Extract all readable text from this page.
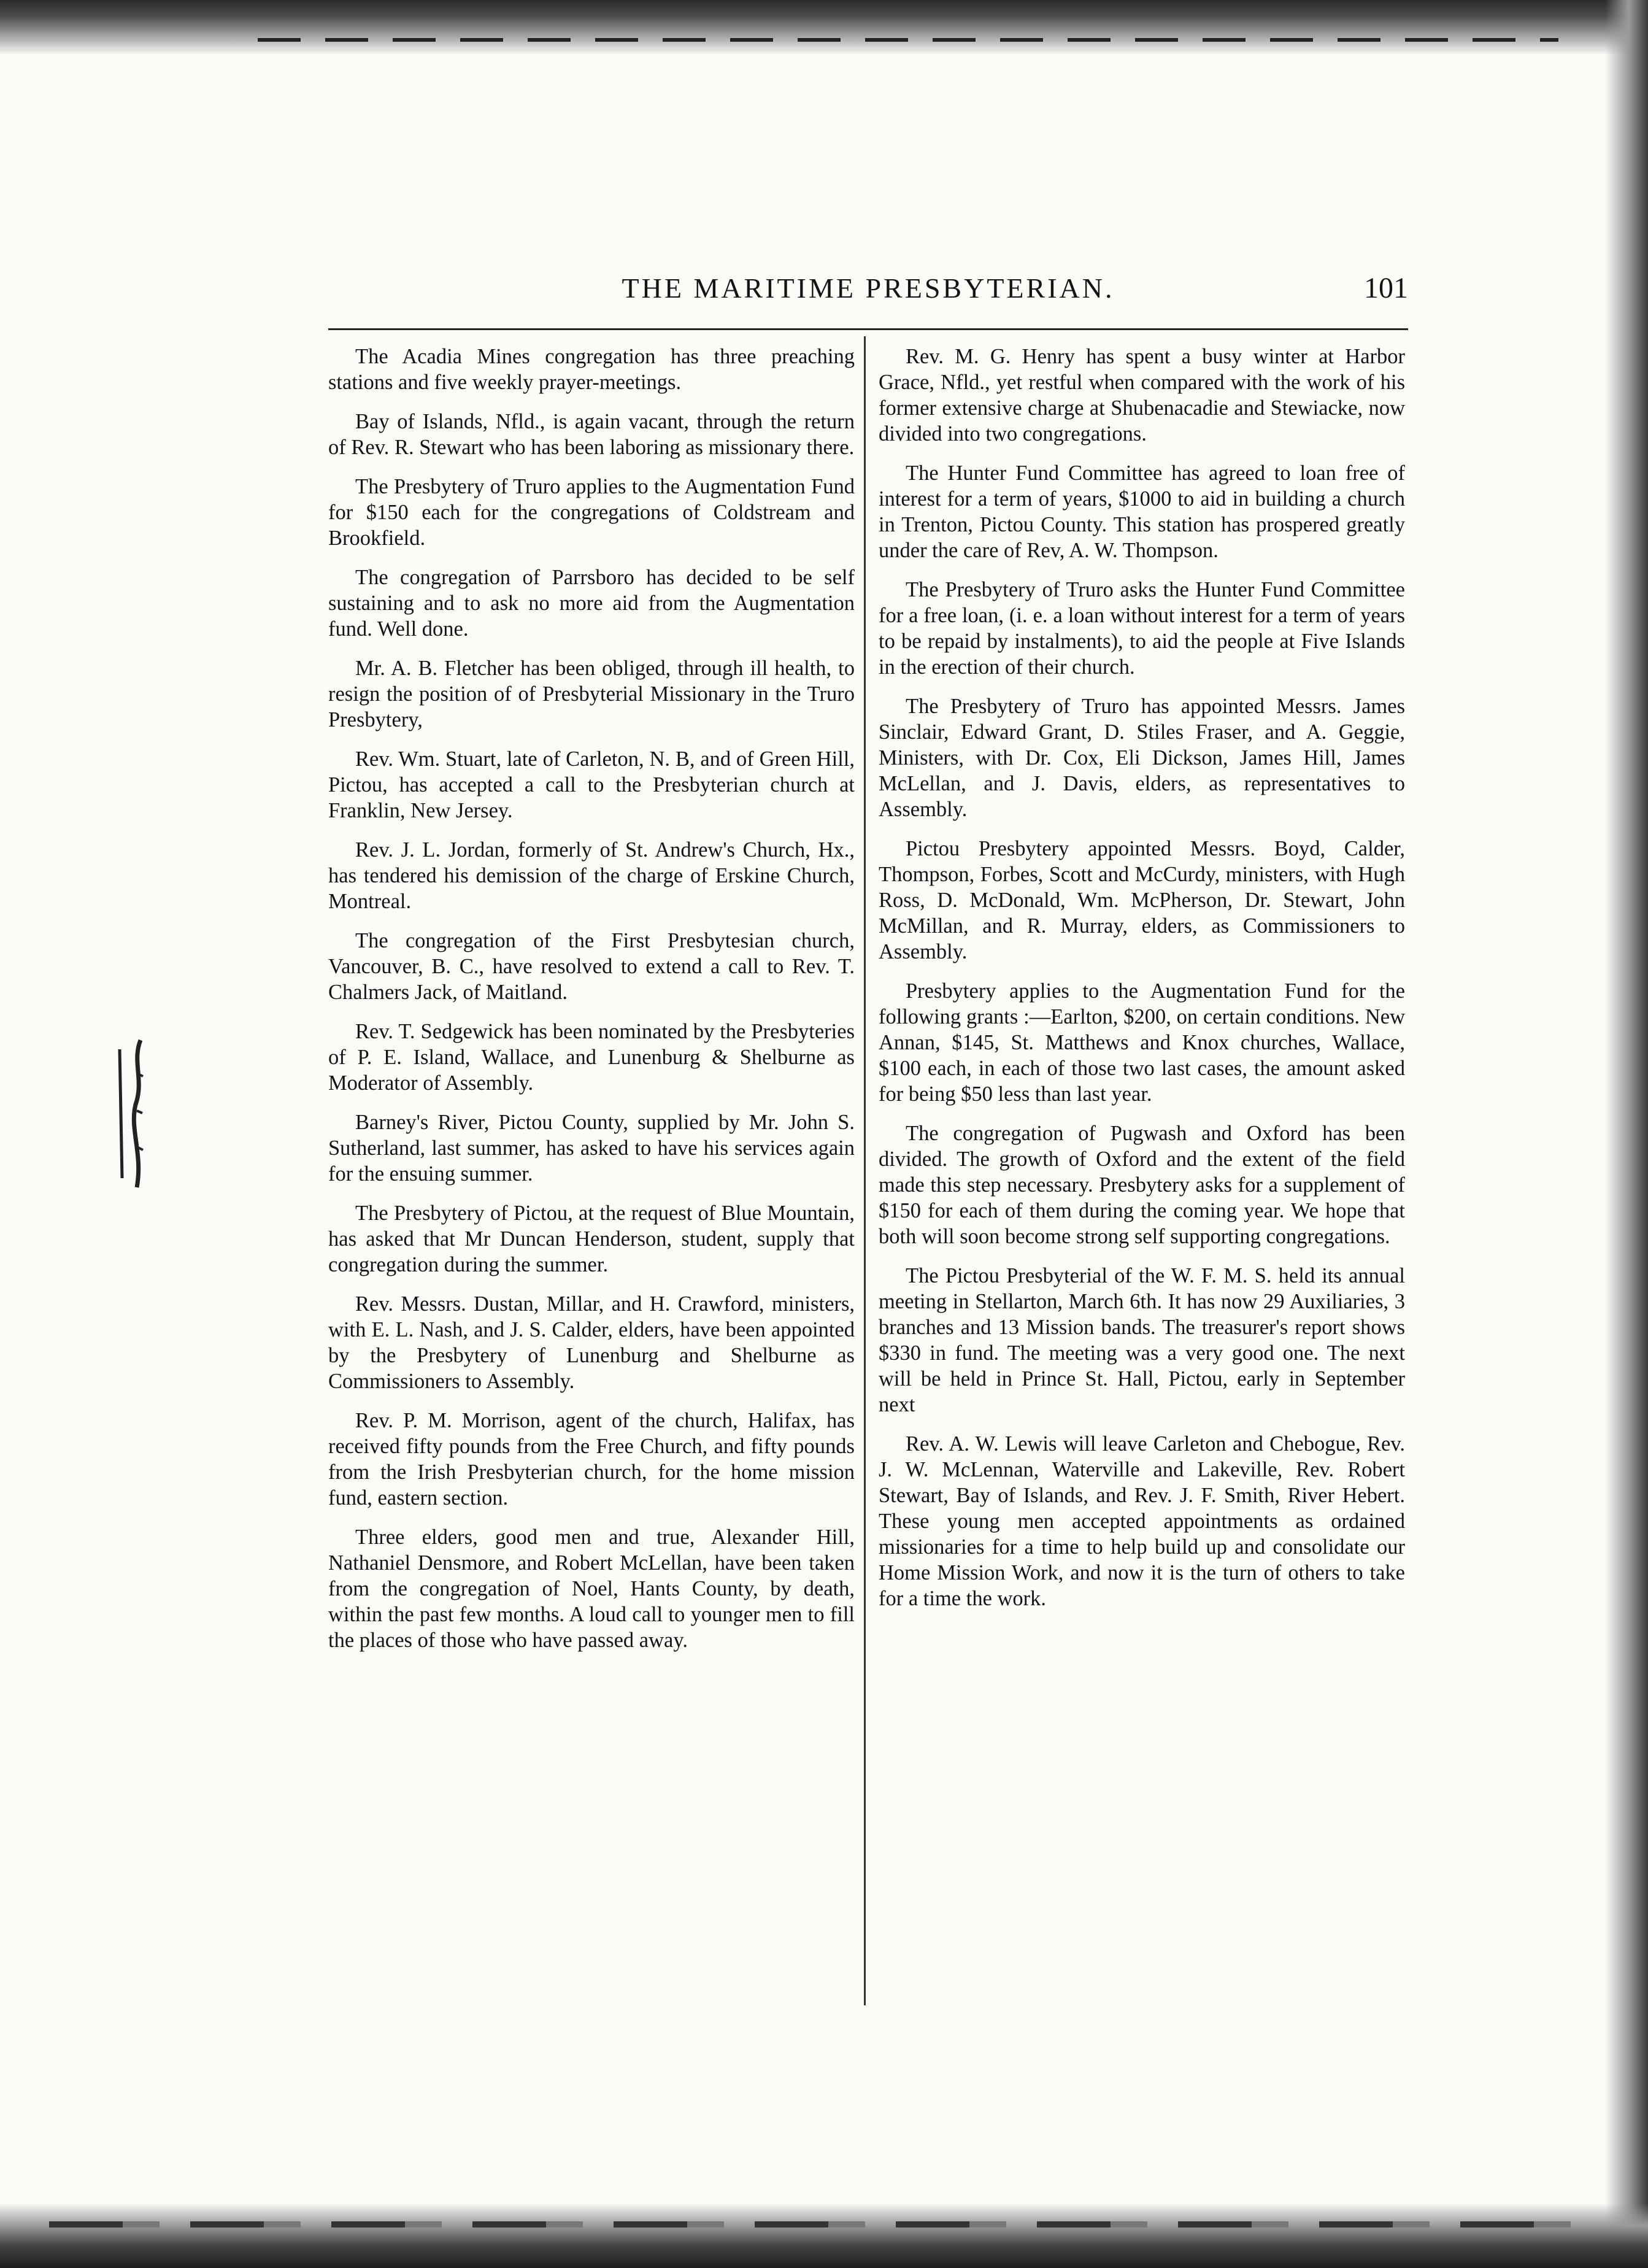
THE MARITIME PRESBYTERIAN.	101

The Acadia Mines congregation has three preaching stations and five weekly prayer-meetings.

Bay of Islands, Nfld., is again vacant, through the return of Rev. R. Stewart who has been laboring as missionary there.

The Presbytery of Truro applies to the Augmentation Fund for $150 each for the congregations of Coldstream and Brookfield.

The congregation of Parrsboro has decided to be self sustaining and to ask no more aid from the Augmentation fund. Well done.

Mr. A. B. Fletcher has been obliged, through ill health, to resign the position of of Presbyterial Missionary in the Truro Presbytery,

Rev. Wm. Stuart, late of Carleton, N. B, and of Green Hill, Pictou, has accepted a call to the Presbyterian church at Franklin, New Jersey.

Rev. J. L. Jordan, formerly of St. Andrew's Church, Hx., has tendered his demission of the charge of Erskine Church, Montreal.

The congregation of the First Presbytesian church, Vancouver, B. C., have resolved to extend a call to Rev. T. Chalmers Jack, of Maitland.

Rev. T. Sedgewick has been nominated by the Presbyteries of P. E. Island, Wallace, and Lunenburg & Shelburne as Moderator of Assembly.

Barney's River, Pictou County, supplied by Mr. John S. Sutherland, last summer, has asked to have his services again for the ensuing summer.

The Presbytery of Pictou, at the request of Blue Mountain, has asked that Mr Duncan Henderson, student, supply that congregation during the summer.

Rev. Messrs. Dustan, Millar, and H. Crawford, ministers, with E. L. Nash, and J. S. Calder, elders, have been appointed by the Presbytery of Lunenburg and Shelburne as Commissioners to Assembly.

Rev. P. M. Morrison, agent of the church, Halifax, has received fifty pounds from the Free Church, and fifty pounds from the Irish Presbyterian church, for the home mission fund, eastern section.

Three elders, good men and true, Alexander Hill, Nathaniel Densmore, and Robert McLellan, have been taken from the congregation of Noel, Hants County, by death, within the past few months. A loud call to younger men to fill the places of those who have passed away.

Rev. M. G. Henry has spent a busy winter at Harbor Grace, Nfld., yet restful when compared with the work of his former extensive charge at Shubenacadie and Stewiacke, now divided into two congregations.

The Hunter Fund Committee has agreed to loan free of interest for a term of years, $1000 to aid in building a church in Trenton, Pictou County. This station has prospered greatly under the care of Rev, A. W. Thompson.

The Presbytery of Truro asks the Hunter Fund Committee for a free loan, (i. e. a loan without interest for a term of years to be repaid by instalments), to aid the people at Five Islands in the erection of their church.

The Presbytery of Truro has appointed Messrs. James Sinclair, Edward Grant, D. Stiles Fraser, and A. Geggie, Ministers, with Dr. Cox, Eli Dickson, James Hill, James McLellan, and J. Davis, elders, as representatives to Assembly.

Pictou Presbytery appointed Messrs. Boyd, Calder, Thompson, Forbes, Scott and McCurdy, ministers, with Hugh Ross, D. McDonald, Wm. McPherson, Dr. Stewart, John McMillan, and R. Murray, elders, as Commissioners to Assembly.

Presbytery applies to the Augmentation Fund for the following grants :—Earlton, $200, on certain conditions. New Annan, $145, St. Matthews and Knox churches, Wallace, $100 each, in each of those two last cases, the amount asked for being $50 less than last year.

The congregation of Pugwash and Oxford has been divided. The growth of Oxford and the extent of the field made this step necessary. Presbytery asks for a supplement of $150 for each of them during the coming year. We hope that both will soon become strong self supporting congregations.

The Pictou Presbyterial of the W. F. M. S. held its annual meeting in Stellarton, March 6th. It has now 29 Auxiliaries, 3 branches and 13 Mission bands. The treasurer's report shows $330 in fund. The meeting was a very good one. The next will be held in Prince St. Hall, Pictou, early in September next

Rev. A. W. Lewis will leave Carleton and Chebogue, Rev. J. W. McLennan, Waterville and Lakeville, Rev. Robert Stewart, Bay of Islands, and Rev. J. F. Smith, River Hebert. These young men accepted appointments as ordained missionaries for a time to help build up and consolidate our Home Mission Work, and now it is the turn of others to take for a time the work.
